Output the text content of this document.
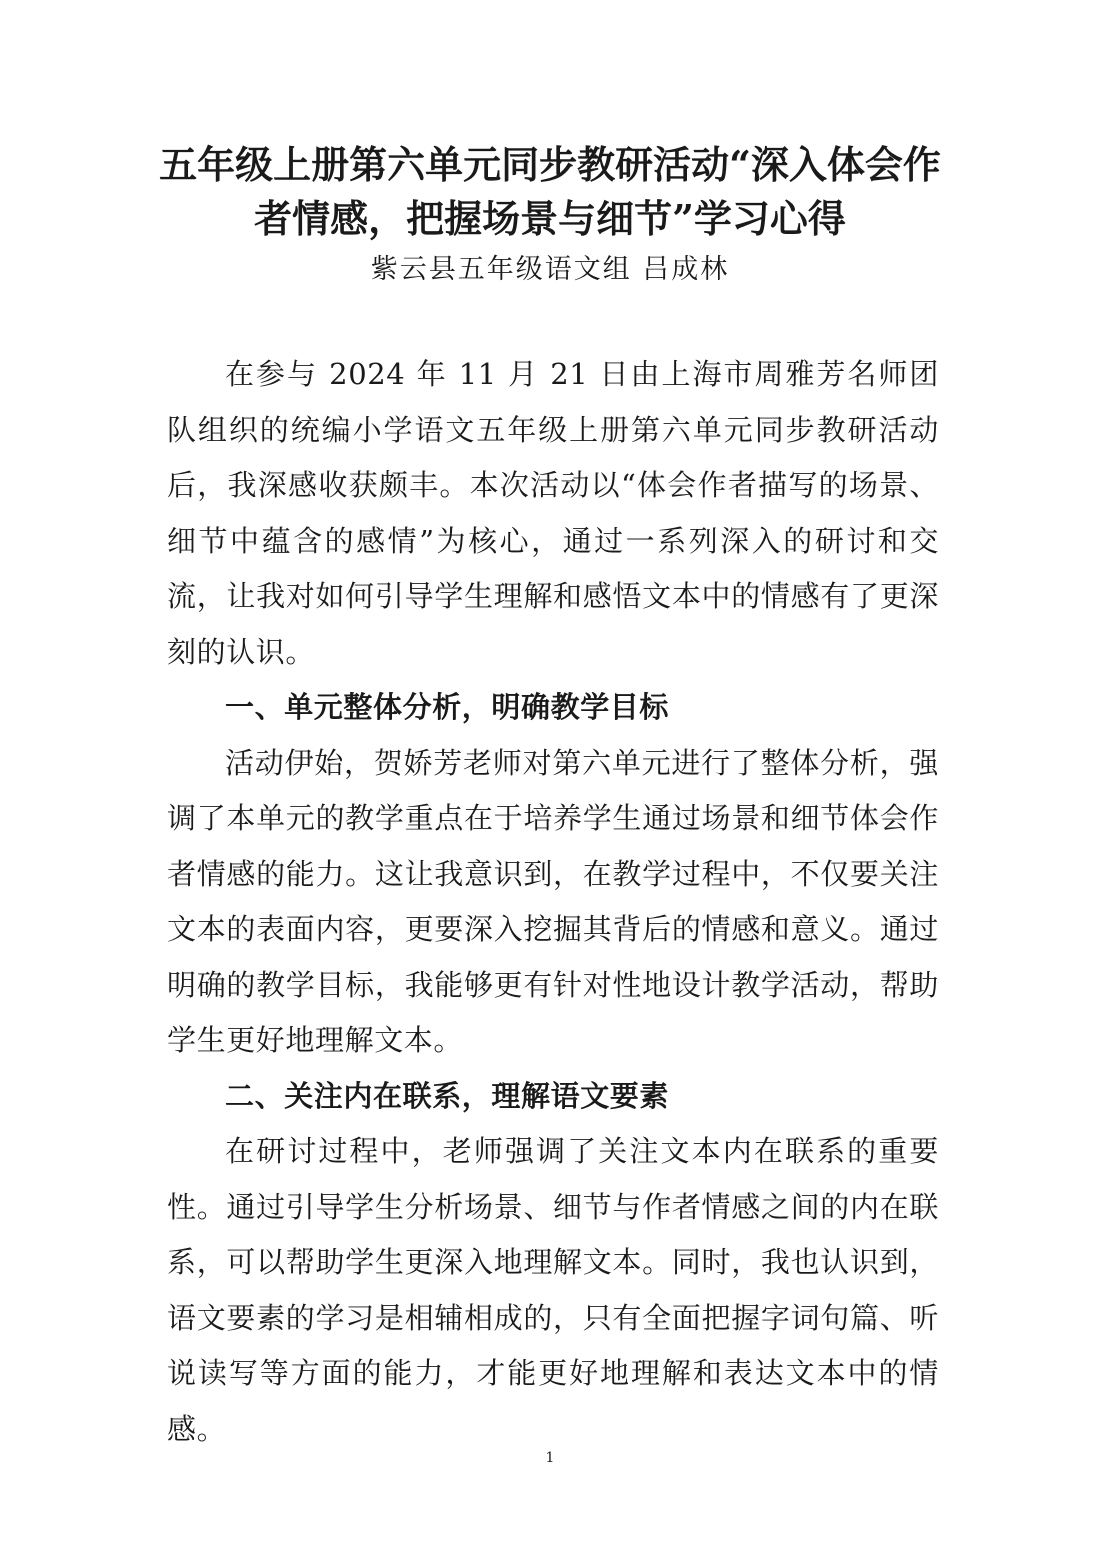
五年级上册第六单元同步教研活动“深入体会作者情感，把握场景与细节”学习心得

紫云县五年级语文组 吕成林

在参与 2024 年 11 月 21 日由上海市周雅芳名师团队组织的统编小学语文五年级上册第六单元同步教研活动后，我深感收获颇丰。本次活动以“体会作者描写的场景、细节中蕴含的感情”为核心，通过一系列深入的研讨和交流，让我对如何引导学生理解和感悟文本中的情感有了更深刻的认识。

一、单元整体分析，明确教学目标

活动伊始，贺娇芳老师对第六单元进行了整体分析，强调了本单元的教学重点在于培养学生通过场景和细节体会作者情感的能力。这让我意识到，在教学过程中，不仅要关注文本的表面内容，更要深入挖掘其背后的情感和意义。通过明确的教学目标，我能够更有针对性地设计教学活动，帮助学生更好地理解文本。

二、关注内在联系，理解语文要素

在研讨过程中，老师强调了关注文本内在联系的重要性。通过引导学生分析场景、细节与作者情感之间的内在联系，可以帮助学生更深入地理解文本。同时，我也认识到，语文要素的学习是相辅相成的，只有全面把握字词句篇、听说读写等方面的能力，才能更好地理解和表达文本中的情感。

1
